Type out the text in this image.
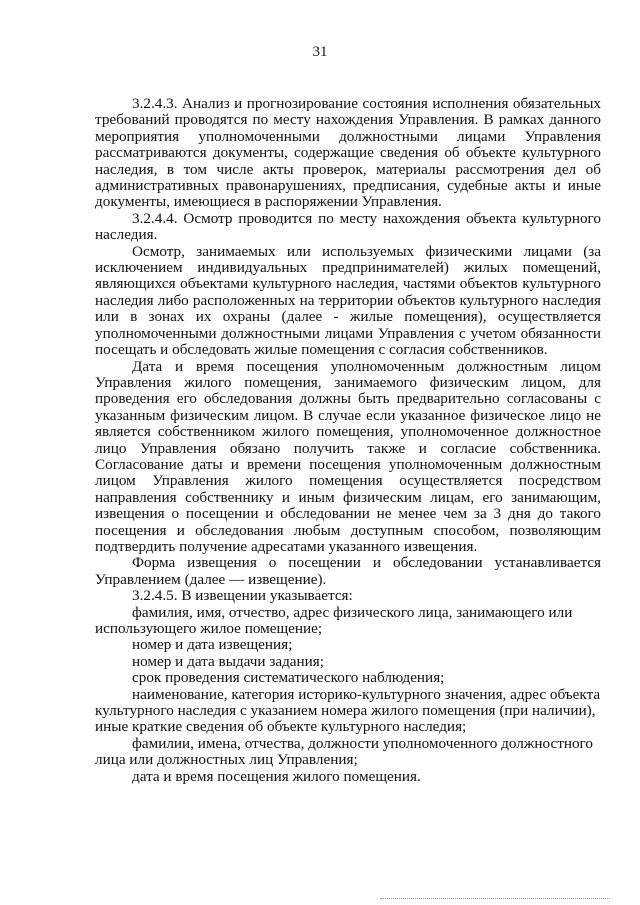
31

3.2.4.3. Анализ и прогнозирование состояния исполнения обязательных требований проводятся по месту нахождения Управления. В рамках данного мероприятия уполномоченными должностными лицами Управления рассматриваются документы, содержащие сведения об объекте культурного наследия, в том числе акты проверок, материалы рассмотрения дел об административных правонарушениях, предписания, судебные акты и иные документы, имеющиеся в распоряжении Управления.

3.2.4.4. Осмотр проводится по месту нахождения объекта культурного наследия.

Осмотр, занимаемых или используемых физическими лицами (за исключением индивидуальных предпринимателей) жилых помещений, являющихся объектами культурного наследия, частями объектов культурного наследия либо расположенных на территории объектов культурного наследия или в зонах их охраны (далее - жилые помещения), осуществляется уполномоченными должностными лицами Управления с учетом обязанности посещать и обследовать жилые помещения с согласия собственников.

Дата и время посещения уполномоченным должностным лицом Управления жилого помещения, занимаемого физическим лицом, для проведения его обследования должны быть предварительно согласованы с указанным физическим лицом. В случае если указанное физическое лицо не является собственником жилого помещения, уполномоченное должностное лицо Управления обязано получить также и согласие собственника. Согласование даты и времени посещения уполномоченным должностным лицом Управления жилого помещения осуществляется посредством направления собственнику и иным физическим лицам, его занимающим, извещения о посещении и обследовании не менее чем за 3 дня до такого посещения и обследования любым доступным способом, позволяющим подтвердить получение адресатами указанного извещения.

Форма извещения о посещении и обследовании устанавливается Управлением (далее — извещение).

3.2.4.5. В извещении указывается:

фамилия, имя, отчество, адрес физического лица, занимающего или использующего жилое помещение;

номер и дата извещения;

номер и дата выдачи задания;

срок проведения систематического наблюдения;

наименование, категория историко-культурного значения, адрес объекта культурного наследия с указанием номера жилого помещения (при наличии), иные краткие сведения об объекте культурного наследия;

фамилии, имена, отчества, должности уполномоченного должностного лица или должностных лиц Управления;

дата и время посещения жилого помещения.
